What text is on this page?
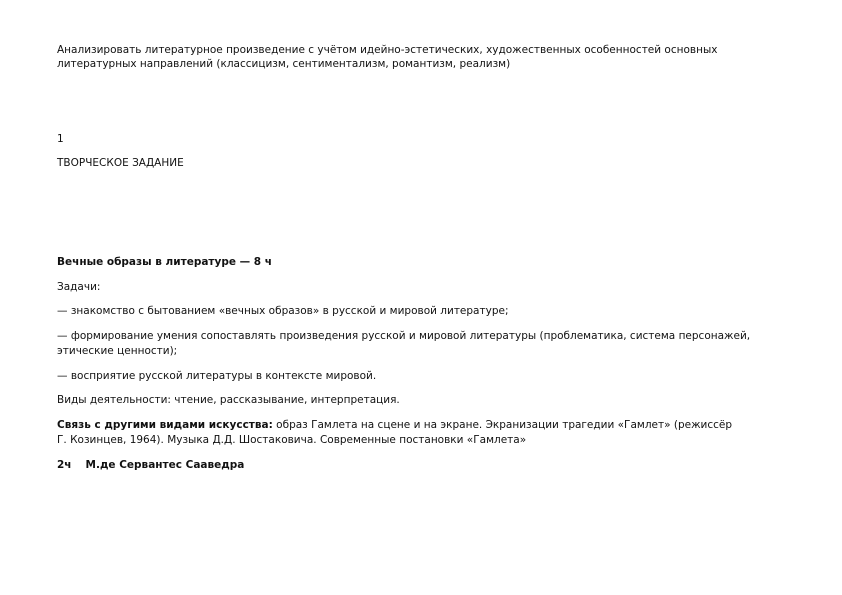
Анализировать литературное произведение с учётом идейно-эстетических, художественных особенностей основных
литературных направлений (классицизм, сентиментализм, романтизм, реализм)
1
ТВОРЧЕСКОЕ ЗАДАНИЕ
Вечные образы в литературе — 8 ч
Задачи:
— знакомство с бытованием «вечных образов» в русской и мировой литературе;
— формирование умения сопоставлять произведения русской и мировой литературы (проблематика, система персонажей,
этические ценности);
— восприятие русской литературы в контексте мировой.
Виды деятельности: чтение, рассказывание, интерпретация.
Связь с другими видами искусства: образ Гамлета на сцене и на экране. Экранизации трагедии «Гамлет» (режиссёр
Г. Козинцев, 1964). Музыка Д.Д. Шостаковича. Современные постановки «Гамлета»
2ч М.де Сервантес Сааведра
